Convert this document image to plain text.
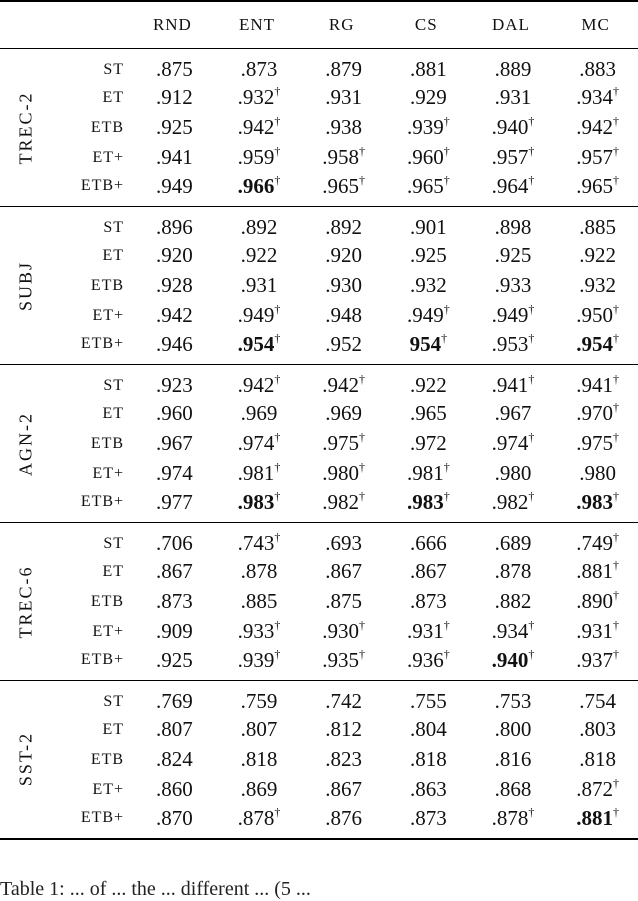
		RND	ENT	RG	CS	DAL	MC

TREC-2	ST	.875	.873	.879	.881	.889	.883
	ET	.912	.932†	.931	.929	.931	.934†
	ETB	.925	.942†	.938	.939†	.940†	.942†
	ET+	.941	.959†	.958†	.960†	.957†	.957†
	ETB+	.949	.966†	.965†	.965†	.964†	.965†

SUBJ	ST	.896	.892	.892	.901	.898	.885
	ET	.920	.922	.920	.925	.925	.922
	ETB	.928	.931	.930	.932	.933	.932
	ET+	.942	.949†	.948	.949†	.949†	.950†
	ETB+	.946	.954†	.952	954†	.953†	.954†

AGN-2	ST	.923	.942†	.942†	.922	.941†	.941†
	ET	.960	.969	.969	.965	.967	.970†
	ETB	.967	.974†	.975†	.972	.974†	.975†
	ET+	.974	.981†	.980†	.981†	.980	.980
	ETB+	.977	.983†	.982†	.983†	.982†	.983†

TREC-6	ST	.706	.743†	.693	.666	.689	.749†
	ET	.867	.878	.867	.867	.878	.881†
	ETB	.873	.885	.875	.873	.882	.890†
	ET+	.909	.933†	.930†	.931†	.934†	.931†
	ETB+	.925	.939†	.935†	.936†	.940†	.937†

SST-2	ST	.769	.759	.742	.755	.753	.754
	ET	.807	.807	.812	.804	.800	.803
	ETB	.824	.818	.823	.818	.816	.818
	ET+	.860	.869	.867	.863	.868	.872†
	ETB+	.870	.878†	.876	.873	.878†	.881†
Table 1: ... of ... the ... different ... (5 ...
